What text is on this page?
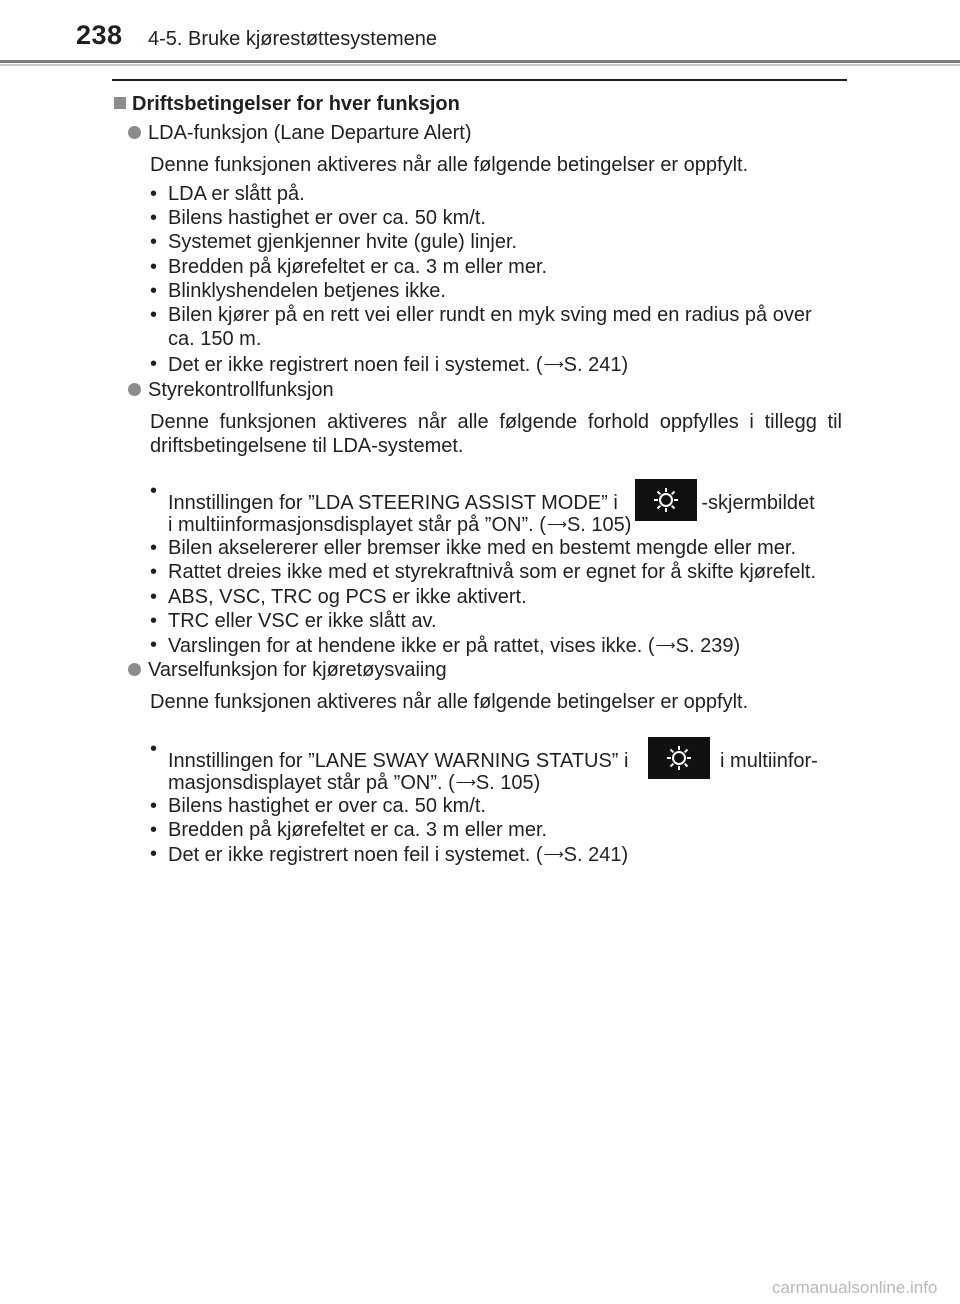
238 4-5. Bruke kjørestøttesystemene
Driftsbetingelser for hver funksjon
LDA-funksjon (Lane Departure Alert)
Denne funksjonen aktiveres når alle følgende betingelser er oppfylt.
• LDA er slått på.
• Bilens hastighet er over ca. 50 km/t.
• Systemet gjenkjenner hvite (gule) linjer.
• Bredden på kjørefeltet er ca. 3 m eller mer.
• Blinklyshendelen betjenes ikke.
• Bilen kjører på en rett vei eller rundt en myk sving med en radius på over
ca. 150 m.
• Det er ikke registrert noen feil i systemet. (⟶S. 241)
Styrekontrollfunksjon
Denne funksjonen aktiveres når alle følgende forhold oppfylles i tillegg til
driftsbetingelsene til LDA-systemet.
• Innstillingen for ”LDA STEERING ASSIST MODE” i	-skjermbildet
i multiinformasjonsdisplayet står på ”ON”. (⟶S. 105)
• Bilen akselererer eller bremser ikke med en bestemt mengde eller mer.
• Rattet dreies ikke med et styrekraftnivå som er egnet for å skifte kjørefelt.
• ABS, VSC, TRC og PCS er ikke aktivert.
• TRC eller VSC er ikke slått av.
• Varslingen for at hendene ikke er på rattet, vises ikke. (⟶S. 239)
Varselfunksjon for kjøretøysvaiing
Denne funksjonen aktiveres når alle følgende betingelser er oppfylt.
• Innstillingen for ”LANE SWAY WARNING STATUS” i	i multiinfor-
masjonsdisplayet står på ”ON”. (⟶S. 105)
• Bilens hastighet er over ca. 50 km/t.
• Bredden på kjørefeltet er ca. 3 m eller mer.
• Det er ikke registrert noen feil i systemet. (⟶S. 241)
carmanualsonline.info
